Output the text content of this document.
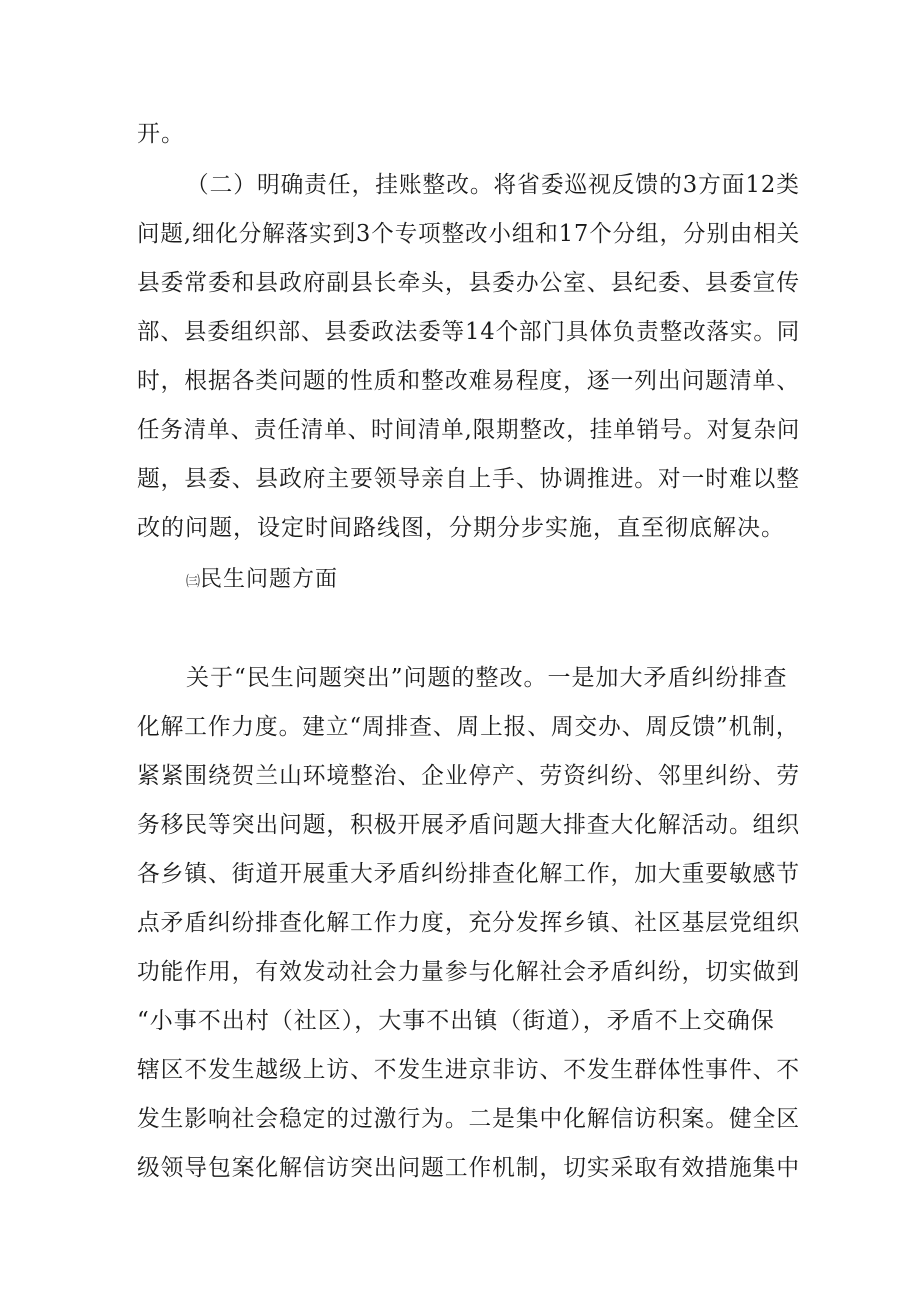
开。
（二）明确责任，挂账整改。将省委巡视反馈的3方面12类
问题,细化分解落实到3个专项整改小组和17个分组，分别由相关
县委常委和县政府副县长牵头，县委办公室、县纪委、县委宣传
部、县委组织部、县委政法委等14个部门具体负责整改落实。同
时，根据各类问题的性质和整改难易程度，逐一列出问题清单、
任务清单、责任清单、时间清单,限期整改，挂单销号。对复杂问
题，县委、县政府主要领导亲自上手、协调推进。对一时难以整
改的问题，设定时间路线图，分期分步实施，直至彻底解决。
㈢民生问题方面
关于“民生问题突出”问题的整改。一是加大矛盾纠纷排查
化解工作力度。建立“周排查、周上报、周交办、周反馈”机制，
紧紧围绕贺兰山环境整治、企业停产、劳资纠纷、邻里纠纷、劳
务移民等突出问题，积极开展矛盾问题大排查大化解活动。组织
各乡镇、街道开展重大矛盾纠纷排查化解工作，加大重要敏感节
点矛盾纠纷排查化解工作力度，充分发挥乡镇、社区基层党组织
功能作用，有效发动社会力量参与化解社会矛盾纠纷，切实做到
“小事不出村（社区），大事不出镇（街道），矛盾不上交确保
辖区不发生越级上访、不发生进京非访、不发生群体性事件、不
发生影响社会稳定的过激行为。二是集中化解信访积案。健全区
级领导包案化解信访突出问题工作机制，切实采取有效措施集中
